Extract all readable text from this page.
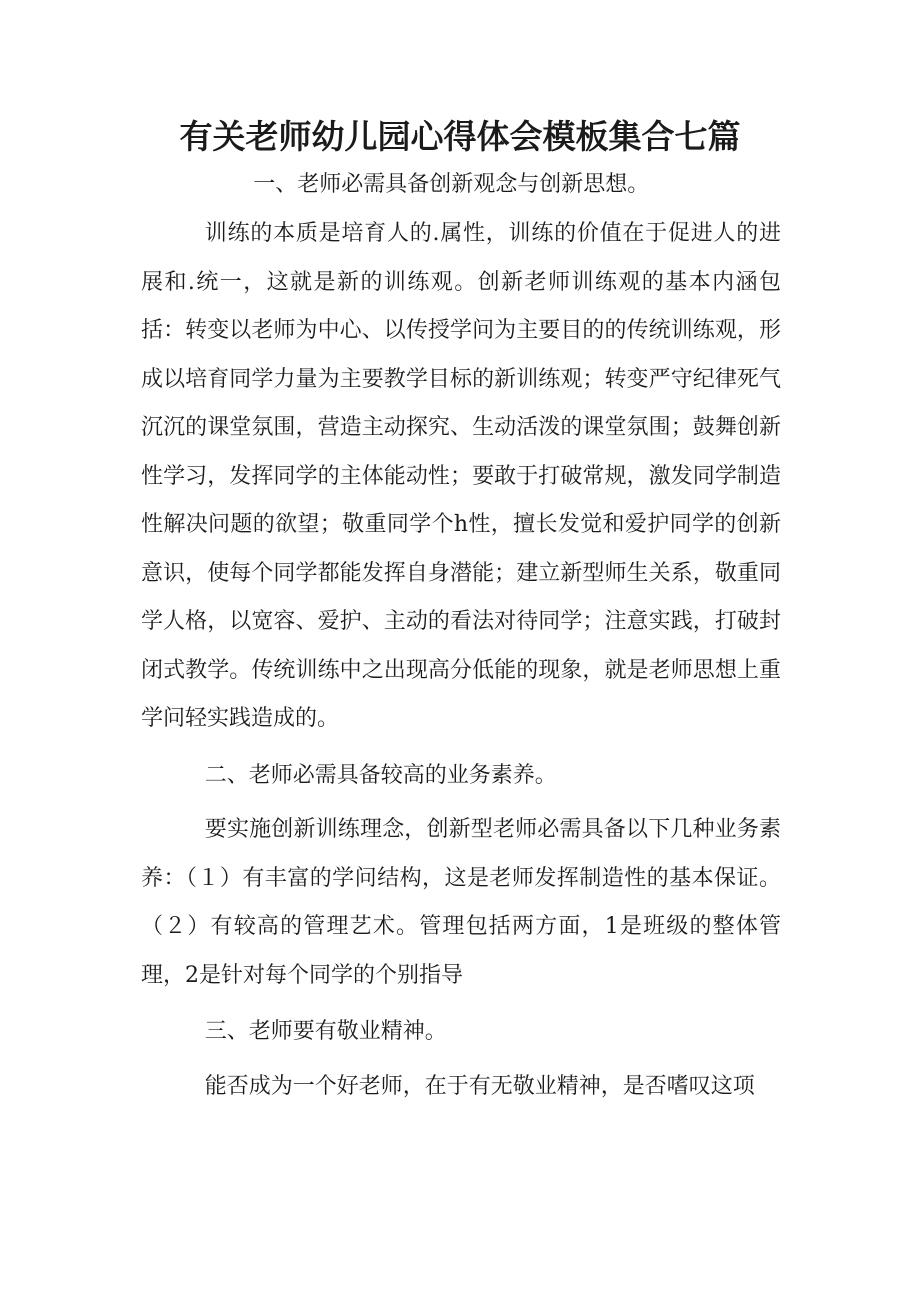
有关老师幼儿园心得体会模板集合七篇

一、老师必需具备创新观念与创新思想。

训练的本质是培育人的.属性，训练的价值在于促进人的进展和.统一，这就是新的训练观。创新老师训练观的基本内涵包括：转变以老师为中心、以传授学问为主要目的的传统训练观，形成以培育同学力量为主要教学目标的新训练观；转变严守纪律死气沉沉的课堂氛围，营造主动探究、生动活泼的课堂氛围；鼓舞创新性学习，发挥同学的主体能动性；要敢于打破常规，激发同学制造性解决问题的欲望；敬重同学个h性，擅长发觉和爱护同学的创新意识，使每个同学都能发挥自身潜能；建立新型师生关系，敬重同学人格，以宽容、爱护、主动的看法对待同学；注意实践，打破封闭式教学。传统训练中之出现高分低能的现象，就是老师思想上重学问轻实践造成的。

二、老师必需具备较高的业务素养。

要实施创新训练理念，创新型老师必需具备以下几种业务素养：（１）有丰富的学问结构，这是老师发挥制造性的基本保证。（２）有较高的管理艺术。管理包括两方面，1是班级的整体管理，2是针对每个同学的个别指导

三、老师要有敬业精神。

能否成为一个好老师，在于有无敬业精神，是否嗜叹这项
